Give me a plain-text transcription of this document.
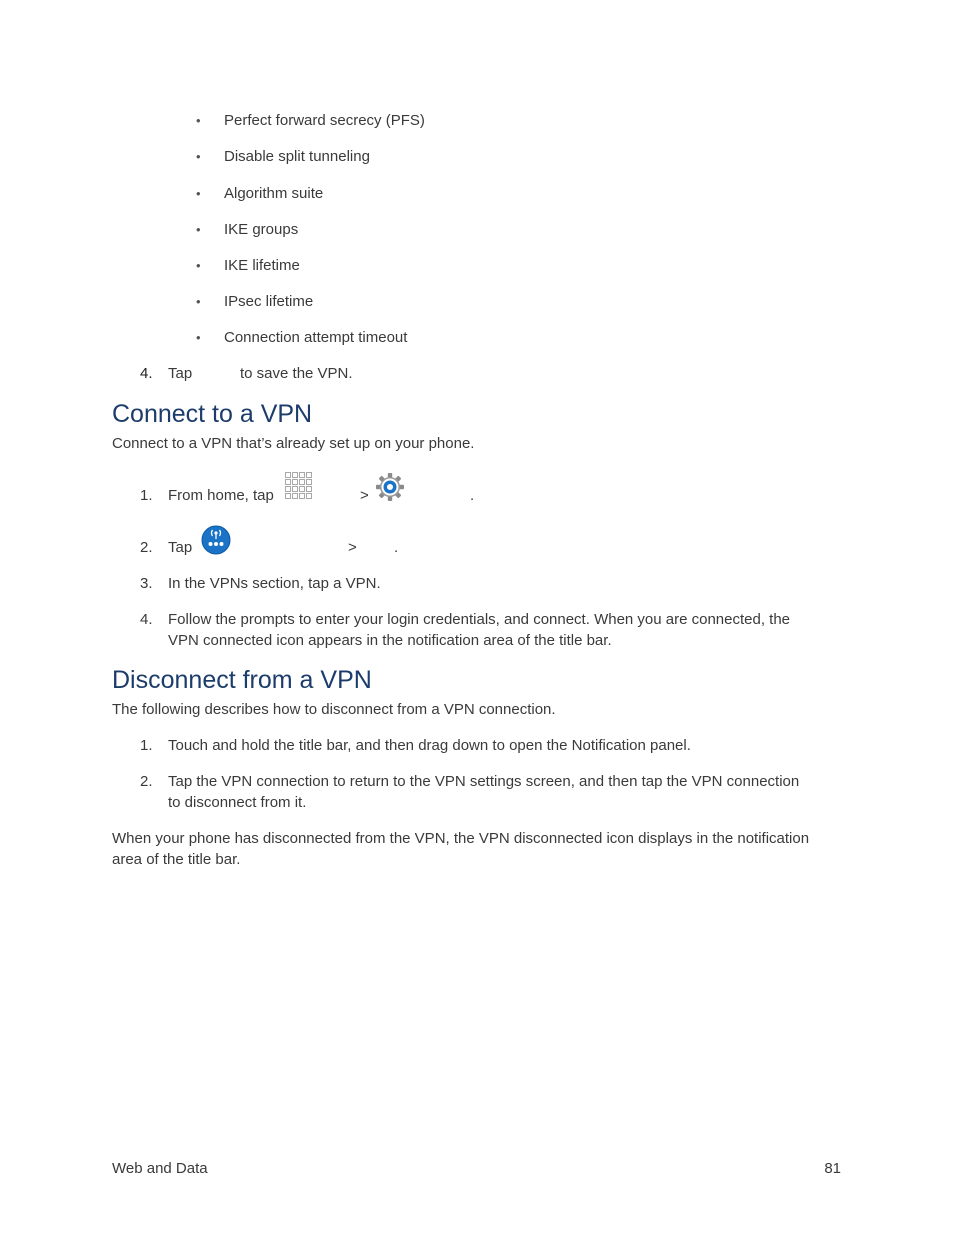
• Perfect forward secrecy (PFS)
• Disable split tunneling
• Algorithm suite
• IKE groups
• IKE lifetime
• IPsec lifetime
• Connection attempt timeout
4. Tap	to save the VPN.
Connect to a VPN
Connect to a VPN that’s already set up on your phone.
1. From home, tap	>	.
2. Tap	> .
3. In the VPNs section, tap a VPN.
4. Follow the prompts to enter your login credentials, and connect. When you are connected, the
VPN connected icon appears in the notification area of the title bar.
Disconnect from a VPN
The following describes how to disconnect from a VPN connection.
1. Touch and hold the title bar, and then drag down to open the Notification panel.
2. Tap the VPN connection to return to the VPN settings screen, and then tap the VPN connection
to disconnect from it.
When your phone has disconnected from the VPN, the VPN disconnected icon displays in the notification
area of the title bar.
Web and Data	81
